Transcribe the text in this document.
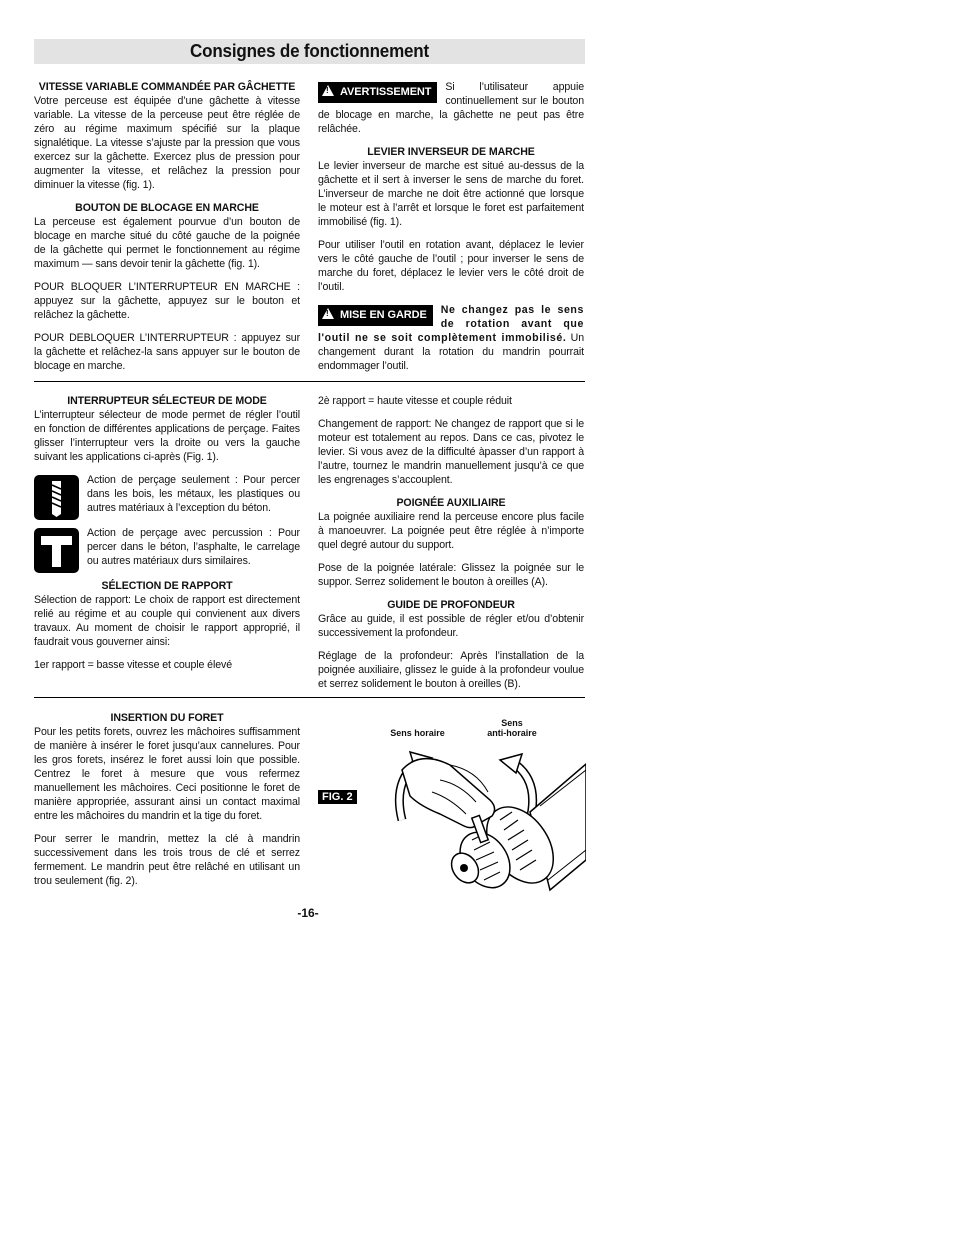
Consignes de fonctionnement
VITESSE VARIABLE COMMANDÉE PAR GÂCHETTE

Votre perceuse est équipée d’une gâchette à vitesse variable. La vitesse de la perceuse peut être réglée de zéro au régime maximum spécifié sur la plaque signalétique. La vitesse s’ajuste par la pression que vous exercez sur la gâchette. Exercez plus de pression pour augmenter la vitesse, et relâchez la pression pour diminuer la vitesse (fig. 1).

BOUTON DE BLOCAGE EN MARCHE

La perceuse est également pourvue d’un bouton de blocage en marche situé du côté gauche de la poignée de la gâchette qui permet le fonctionnement au régime maximum — sans devoir tenir la gâchette (fig. 1).

POUR BLOQUER L’INTERRUPTEUR EN MARCHE : appuyez sur la gâchette, appuyez sur le bouton et relâchez la gâchette.

POUR DEBLOQUER L’INTERRUPTEUR : appuyez sur la gâchette et relâchez-la sans appuyer sur le bouton de blocage en marche.

!AVERTISSEMENT	Si l’utilisateur appuie continuellement sur le bouton de blocage en marche, la gâchette ne peut pas être relâchée.
LEVIER INVERSEUR DE MARCHE

Le levier inverseur de marche est situé au-dessus de la gâchette et il sert à inverser le sens de marche du foret. L’inverseur de marche ne doit être actionné que lorsque le moteur est à l’arrêt et lorsque le foret est parfaitement immobilisé (fig. 1).

Pour utiliser l’outil en rotation avant, déplacez le levier vers le côté gauche de l’outil ; pour inverser le sens de marche du foret, déplacez le levier vers le côté droit de l’outil.

!MISE EN GARDE	Ne changez pas le sens de rotation avant que l'outil ne se soit complètement immobilisé. Un changement durant la rotation du mandrin pourrait endommager l’outil.
INTERRUPTEUR SÉLECTEUR DE MODE

L’interrupteur sélecteur de mode permet de régler l’outil en fonction de différentes applications de perçage. Faites glisser l’interrupteur vers la droite ou vers la gauche suivant les applications ci-après (Fig. 1).

Action de perçage seulement : Pour percer dans les bois, les métaux, les plastiques ou autres matériaux à l’exception du béton.
Action de perçage avec percussion : Pour percer dans le béton, l’asphalte, le carrelage ou autres matériaux durs similaires.
SÉLECTION DE RAPPORT

Sélection de rapport: Le choix de rapport est directement relié au régime et au couple qui convienent aux divers travaux. Au moment de choisir le rapport approprié, il faudrait vous gouverner ainsi:

1er rapport = basse vitesse et couple élevé

2è rapport = haute vitesse et couple réduit

Changement de rapport: Ne changez de rapport que si le moteur est totalement au repos. Dans ce cas, pivotez le levier. Si vous avez de la difficulté àpasser d’un rapport à l’autre, tournez le mandrin manuellement jusqu’à ce que les engrenages s’accouplent.

POIGNÉE AUXILIAIRE

La poignée auxiliaire rend la perceuse encore plus facile à manoeuvrer. La poignée peut être réglée à n’importe quel degré autour du support.

Pose de la poignée latérale: Glissez la poignée sur le suppor. Serrez solidement le bouton à oreilles (A).

GUIDE DE PROFONDEUR

Grâce au guide, il est possible de régler et/ou d’obtenir successivement la profondeur.

Réglage de la profondeur: Après l’installation de la poignée auxiliaire, glissez le guide à la profondeur voulue et serrez solidement le bouton à oreilles (B).

INSERTION DU FORET

Pour les petits forets, ouvrez les mâchoires suffisamment de manière à insérer le foret jusqu’aux cannelures. Pour les gros forets, insérez le foret aussi loin que possible. Centrez le foret à mesure que vous refermez manuellement les mâchoires. Ceci positionne le foret de manière appropriée, assurant ainsi un contact maximal entre les mâchoires du mandrin et la tige du foret.

Pour serrer le mandrin, mettez la clé à mandrin successivement dans les trois trous de clé et serrez fermement. Le mandrin peut être relâché en utilisant un trou seulement (fig. 2).

FIG. 2
Sens horaire
Sens
anti-horaire
-16-
